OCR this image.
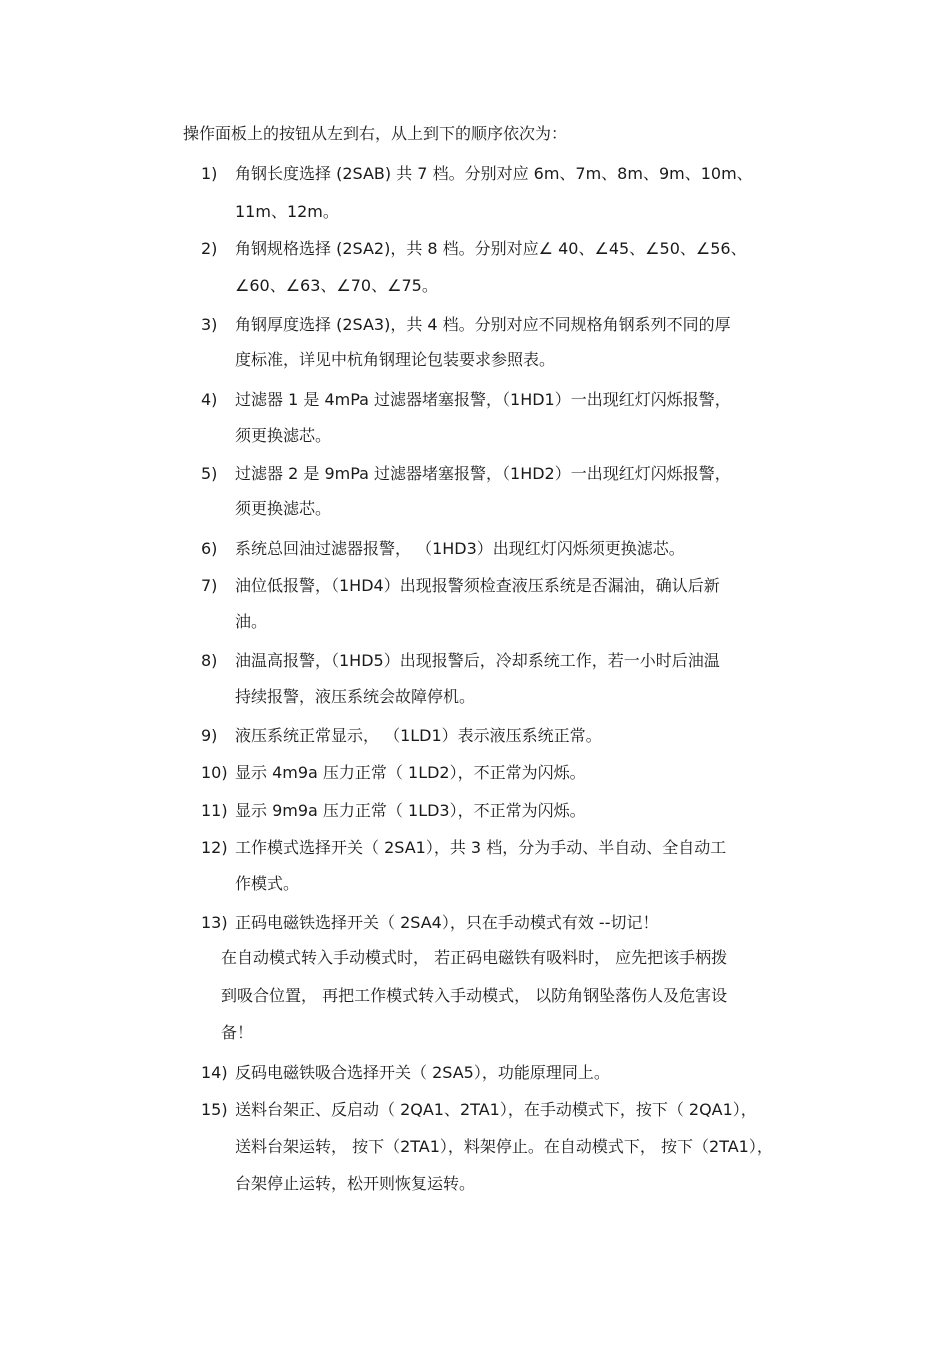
操作面板上的按钮从左到右，从上到下的顺序依次为：
1) 角钢长度选择 (2SAB) 共 7 档。分别对应 6m、7m、8m、9m、10m、
11m、12m。
2) 角钢规格选择 (2SA2)，共 8 档。分别对应∠ 40、∠45、∠50、∠56、
∠60、∠63、∠70、∠75。
3) 角钢厚度选择 (2SA3)，共 4 档。分别对应不同规格角钢系列不同的厚
度标准，详见中杭角钢理论包装要求参照表。
4) 过滤器 1 是 4mPa 过滤器堵塞报警，（1HD1）一出现红灯闪烁报警，
须更换滤芯。
5) 过滤器 2 是 9mPa 过滤器堵塞报警，（1HD2）一出现红灯闪烁报警，
须更换滤芯。
6) 系统总回油过滤器报警， （1HD3）出现红灯闪烁须更换滤芯。
7) 油位低报警，（1HD4）出现报警须检查液压系统是否漏油，确认后新
油。
8) 油温高报警，（1HD5）出现报警后，冷却系统工作，若一小时后油温
持续报警，液压系统会故障停机。
9) 液压系统正常显示， （1LD1）表示液压系统正常。
10) 显示 4m9a 压力正常（ 1LD2），不正常为闪烁。
11) 显示 9m9a 压力正常（ 1LD3），不正常为闪烁。
12) 工作模式选择开关（ 2SA1），共 3 档，分为手动、半自动、全自动工
作模式。
13) 正码电磁铁选择开关（ 2SA4），只在手动模式有效 --切记！
在自动模式转入手动模式时， 若正码电磁铁有吸料时， 应先把该手柄拨
到吸合位置， 再把工作模式转入手动模式， 以防角钢坠落伤人及危害设
备！
14) 反码电磁铁吸合选择开关（ 2SA5），功能原理同上。
15) 送料台架正、反启动（ 2QA1、2TA1），在手动模式下，按下（ 2QA1），
送料台架运转， 按下（2TA1），料架停止。在自动模式下， 按下（2TA1），
台架停止运转，松开则恢复运转。
